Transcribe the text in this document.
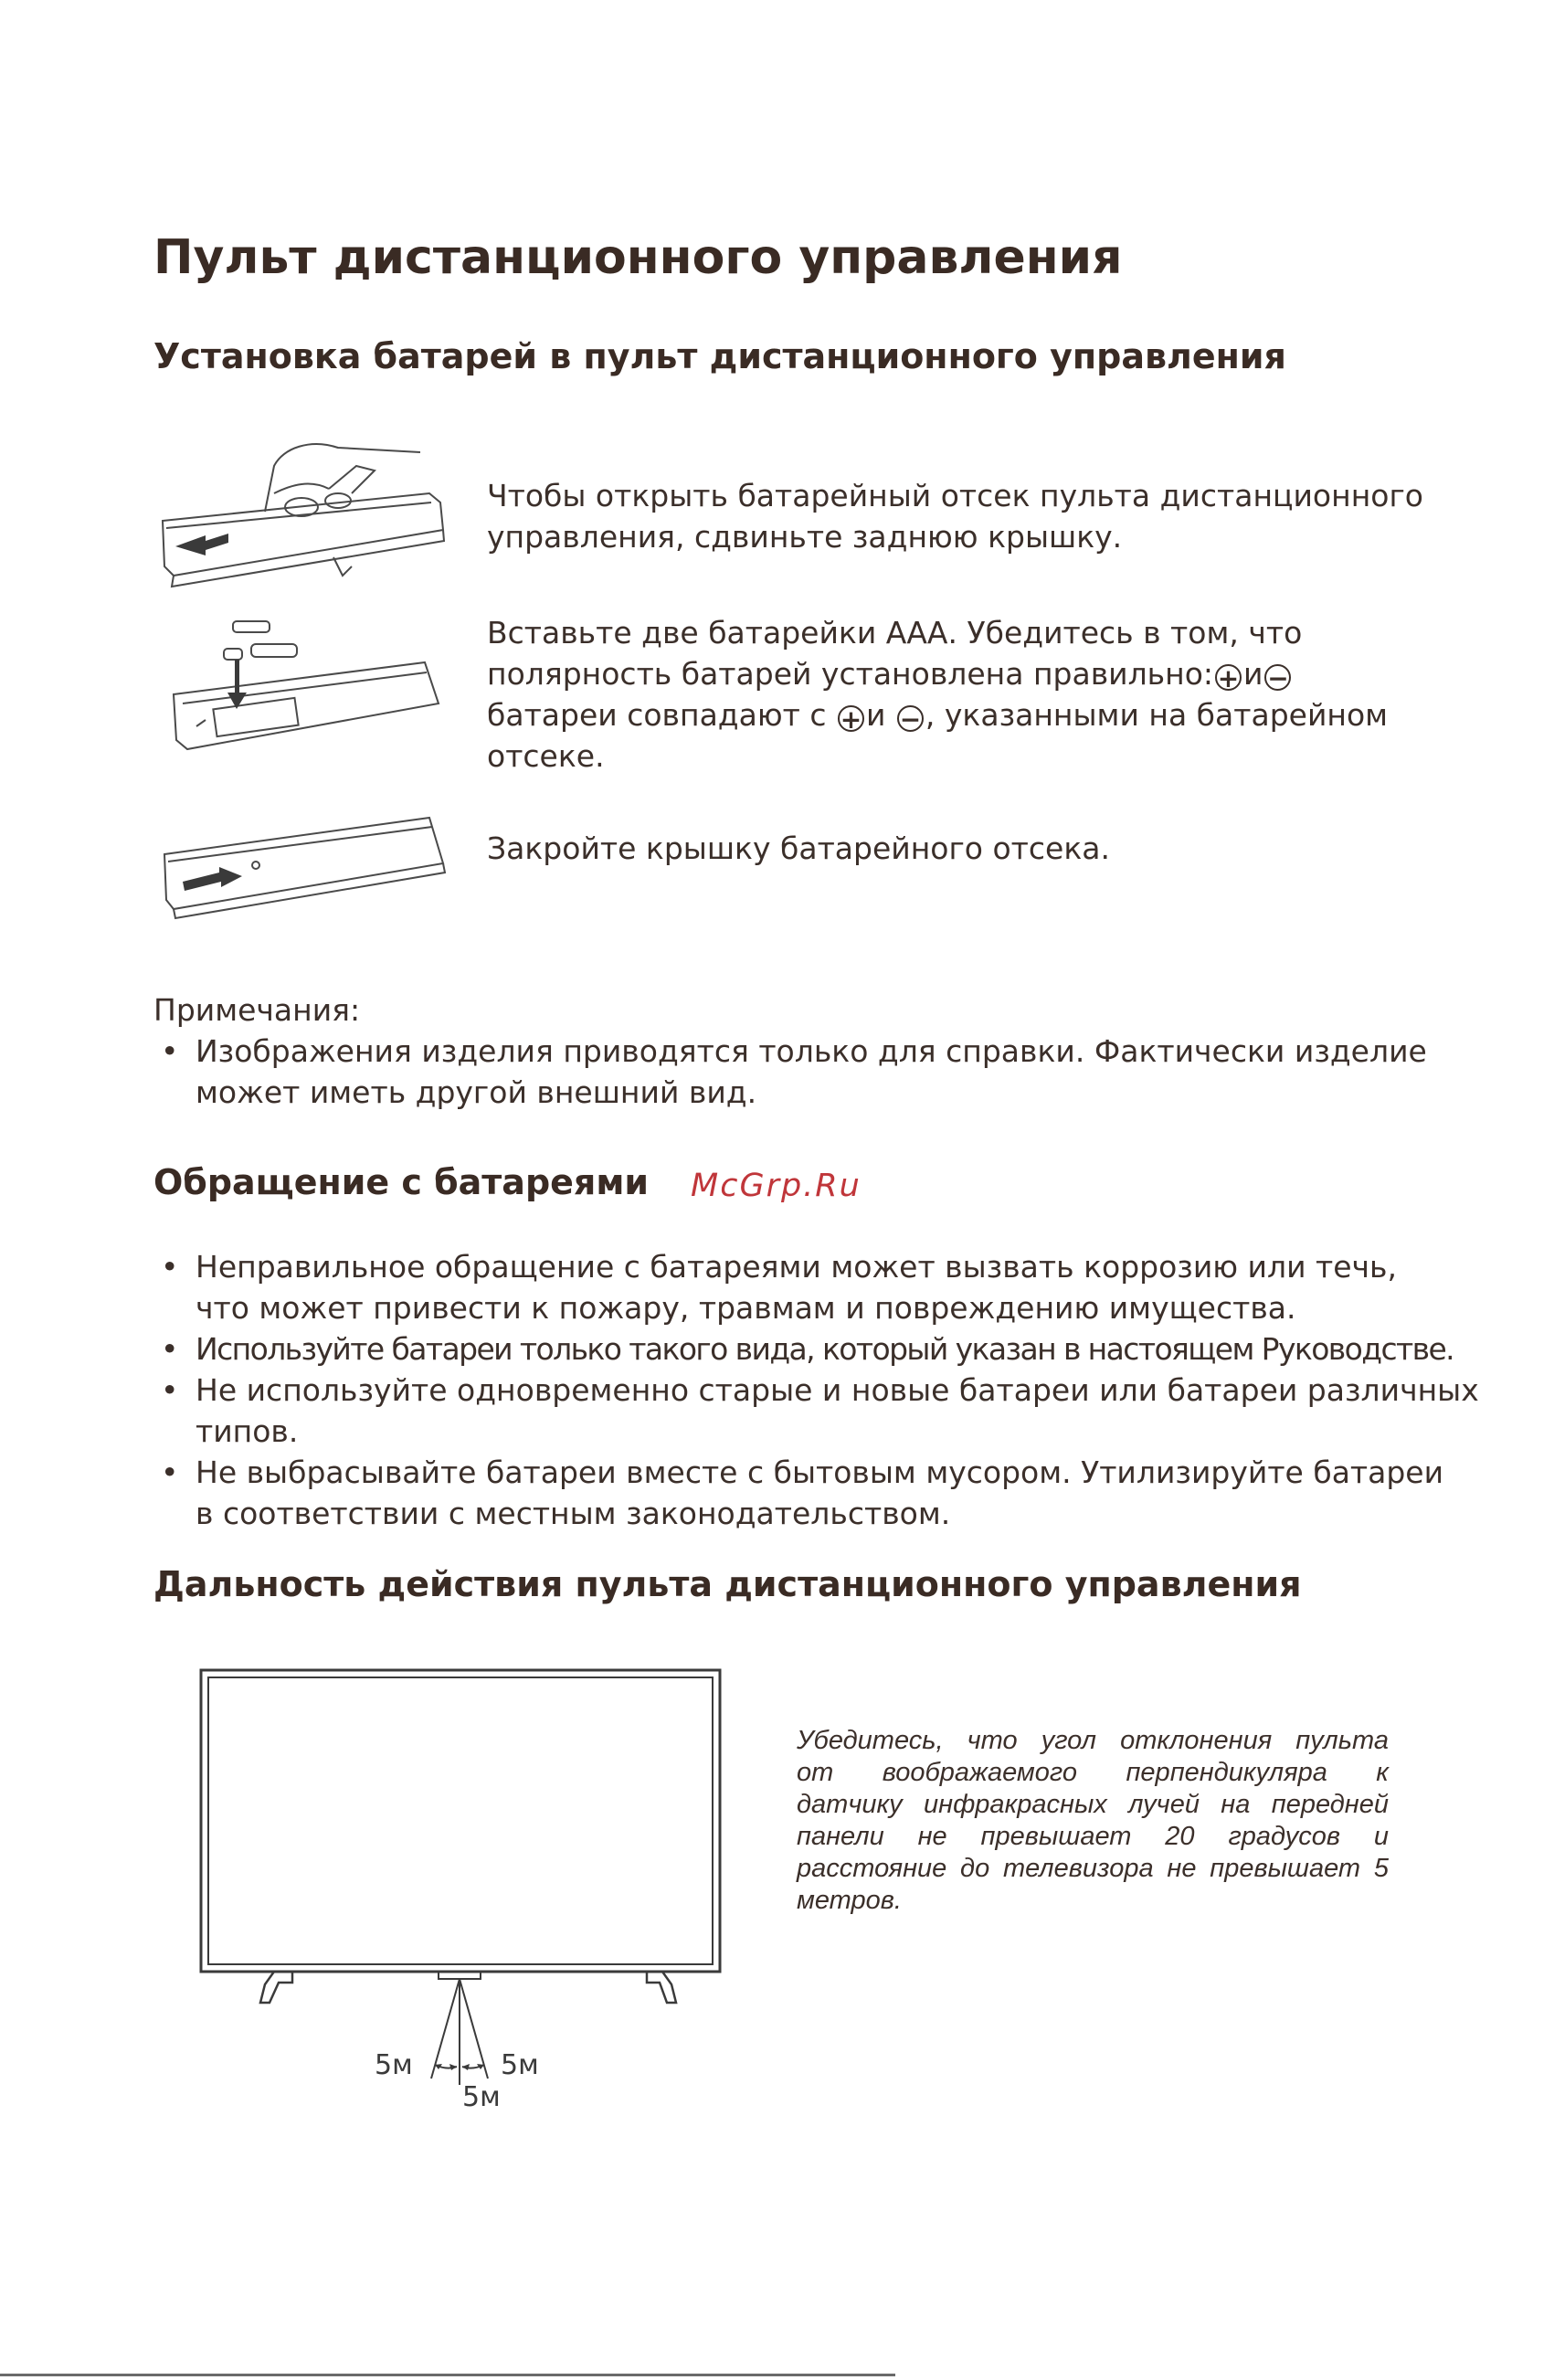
Пульт дистанционного управления
Установка батарей в пульт дистанционного управления
Чтобы открыть батарейный отсек пульта дистанционного
управления, сдвиньте заднюю крышку.
Вставьте две батарейки ААА. Убедитесь в том, что
полярность батарей установлена правильно: + и −
батареи совпадают с + и − , указанными на батарейном
отсеке.
Закройте крышку батарейного отсека.
Примечания:
• Изображения изделия приводятся только для справки. Фактически изделие
может иметь другой внешний вид.
Обращение с батареями McGrp.Ru
• Неправильное обращение с батареями может вызвать коррозию или течь,
что может привести к пожару, травмам и повреждению имущества.
• Используйте батареи только такого вида, который указан в настоящем Руководстве.
• Не используйте одновременно старые и новые батареи или батареи различных
типов.
• Не выбрасывайте батареи вместе с бытовым мусором. Утилизируйте батареи
в соответствии с местным законодательством.
Дальность действия пульта дистанционного управления
5м	5м
5м
Убедитесь, что угол отклонения пульта
от воображаемого перпендикуляра к
датчику инфракрасных лучей на передней
панели не превышает 20 градусов и
расстояние до телевизора не превышает 5
метров.
